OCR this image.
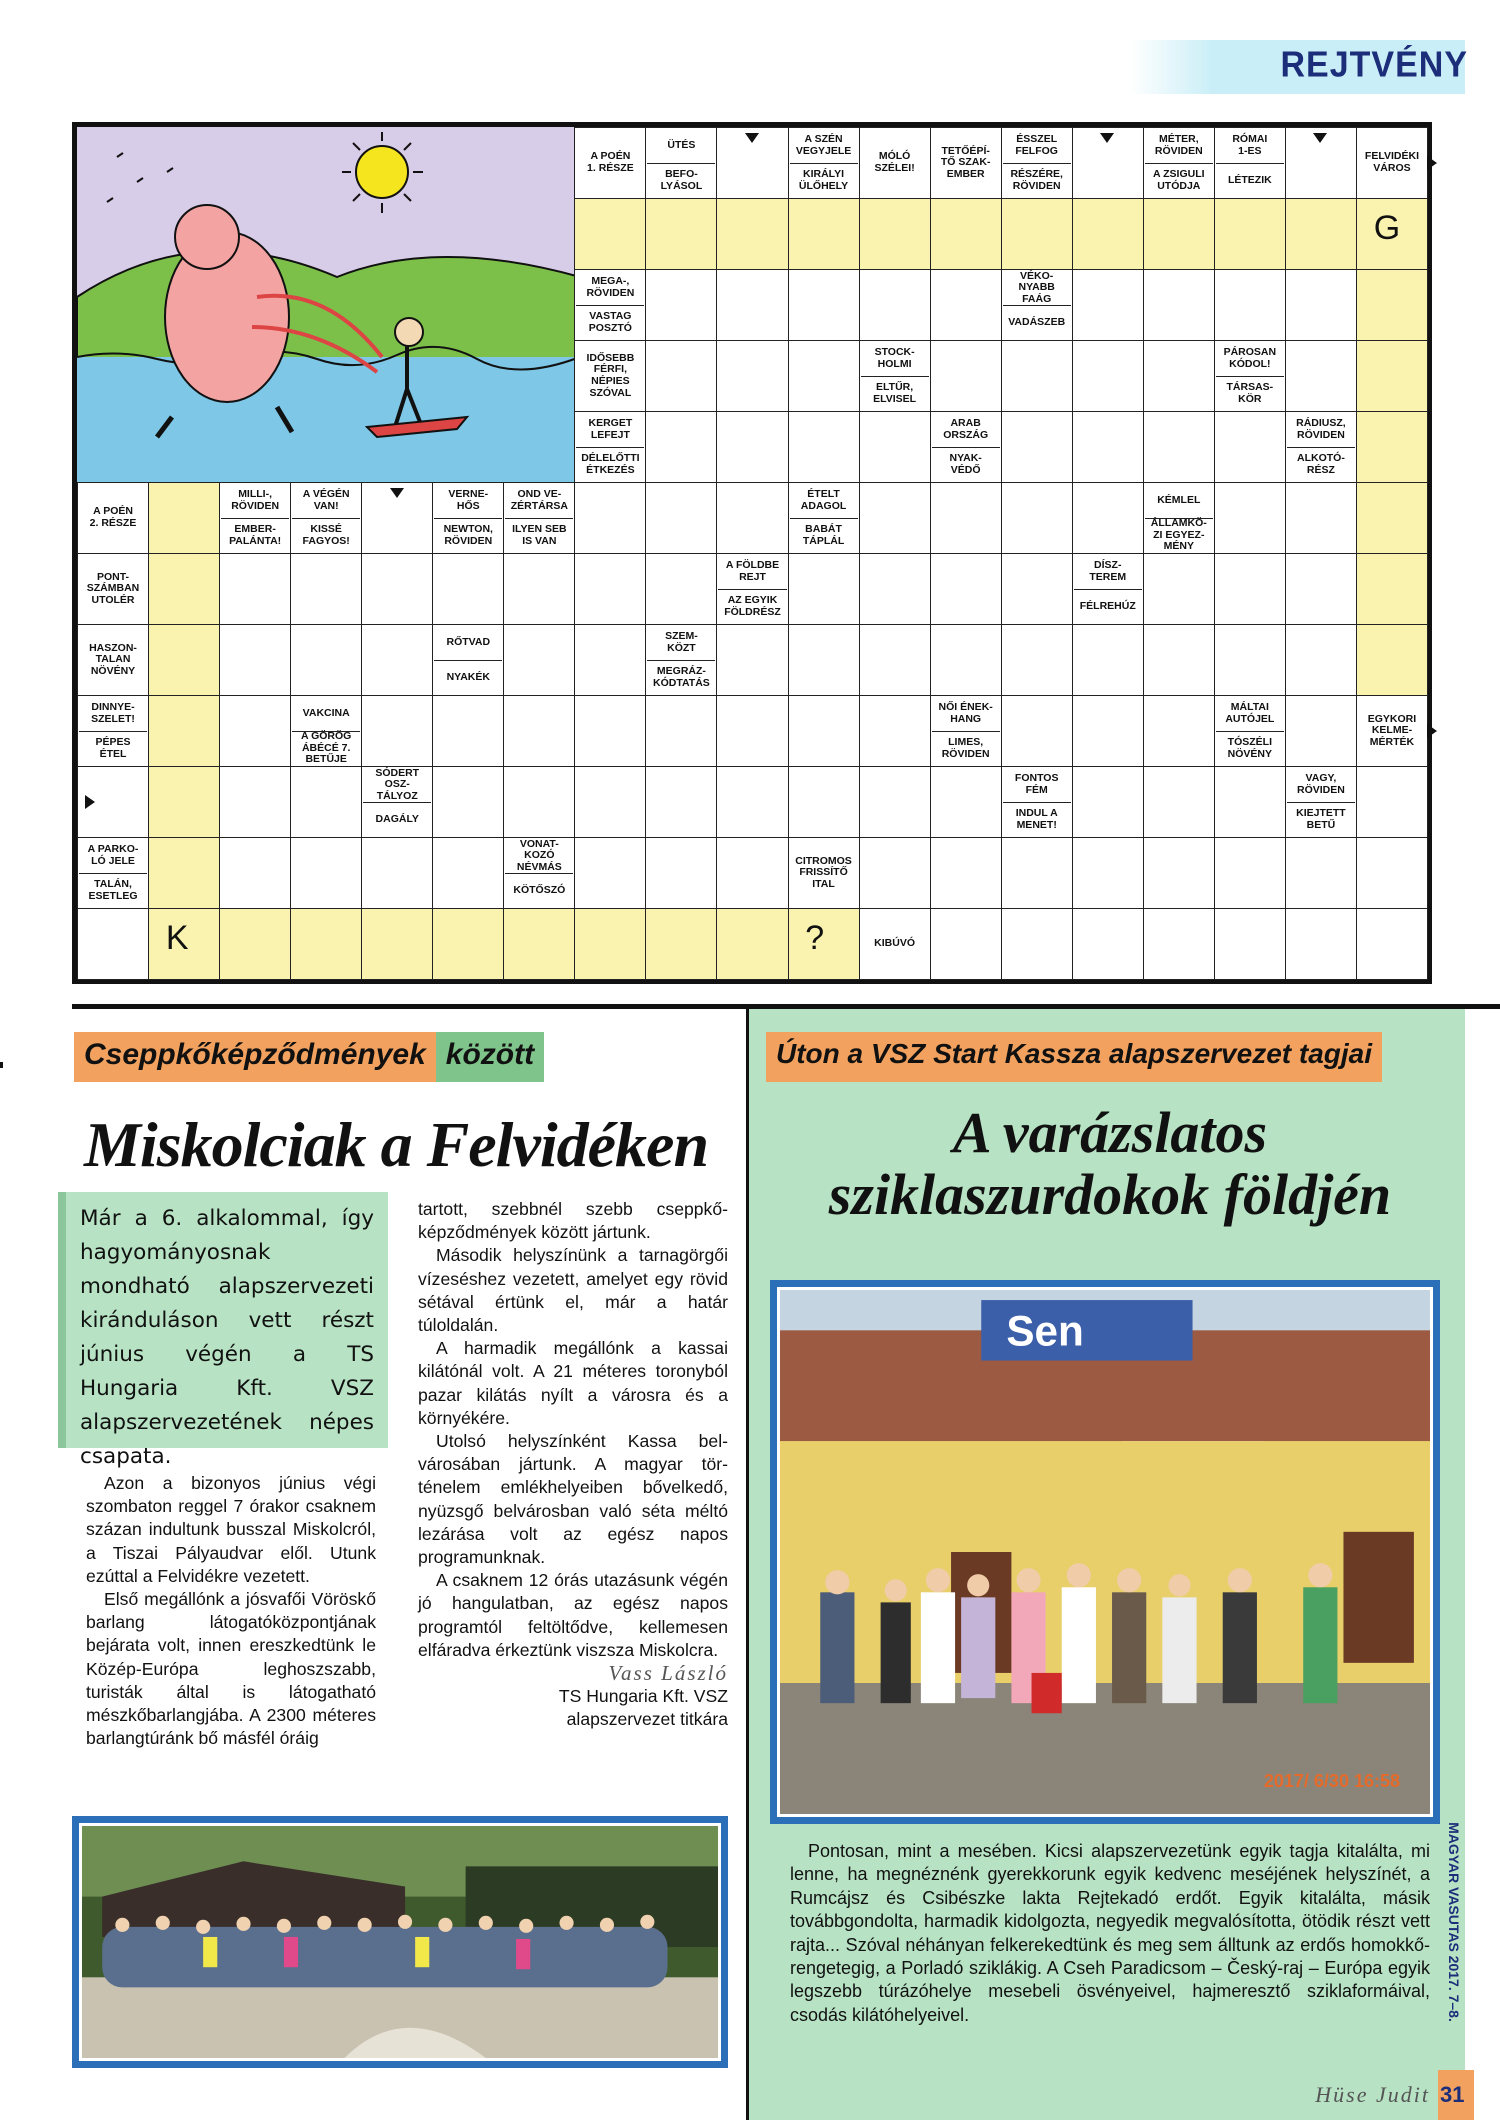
REJTVÉNY
A POÉN
1. RÉSZE
ÜTÉS
BEFO-
LYÁSOL
A SZÉN
VEGYJELE
KIRÁLYI
ÜLŐHELY
MÓLÓ
SZÉLEI!
TETŐÉPÍ-
TŐ SZAK-
EMBER
ÉSSZEL
FELFOG
RÉSZÉRE,
RÖVIDEN
MÉTER,
RÖVIDEN
A ZSIGULI
UTÓDJA
RÓMAI
1-ES
LÉTEZIK
FELVIDÉKI
VÁROS
MEGA-,
RÖVIDEN
VASTAG
POSZTÓ
VÉKO-
NYABB
FAÁG
VADÁSZEB
IDŐSEBB
FÉRFI,
NÉPIES
SZÓVAL
STOCK-
HOLMI
ELTŰR,
ELVISEL
PÁROSAN
KÓDOL!
TÁRSAS-
KÖR
KERGET
LEFEJT
DÉLELŐTTI
ÉTKEZÉS
ARAB
ORSZÁG
NYAK-
VÉDŐ
RÁDIUSZ,
RÖVIDEN
ALKOTÓ-
RÉSZ
A POÉN
2. RÉSZE
MILLI-,
RÖVIDEN
EMBER-
PALÁNTA!
A VÉGÉN
VAN!
KISSÉ
FAGYOS!
VERNE-
HŐS
NEWTON,
RÖVIDEN
OND VE-
ZÉRTÁRSA
ILYEN SEB
IS VAN
ÉTELT
ADAGOL
BABÁT
TÁPLÁL
KÉMLEL
ÁLLAMKÖ-
ZI EGYEZ-
MÉNY
PONT-
SZÁMBAN
UTOLÉR
A FÖLDBE
REJT
AZ EGYIK
FÖLDRÉSZ
DÍSZ-
TEREM
FÉLREHÚZ
HASZON-
TALAN
NÖVÉNY
RŐTVAD
NYAKÉK
SZEM-
KÖZT
MEGRÁZ-
KÓDTATÁS
DINNYE-
SZELET!
PÉPES
ÉTEL
VAKCINA
A GÖRÖG
ÁBÉCÉ 7.
BETŰJE
NŐI ÉNEK-
HANG
LIMES,
RÖVIDEN
MÁLTAI
AUTÓJEL
TÓSZÉLI
NÖVÉNY
EGYKORI
KELME-
MÉRTÉK
SÓDERT
OSZ-
TÁLYOZ
DAGÁLY
FONTOS
FÉM
INDUL A
MENET!
VAGY,
RÖVIDEN
KIEJTETT
BETŰ
A PARKO-
LÓ JELE
TALÁN,
ESETLEG
VONAT-
KOZÓ
NÉVMÁS
KÖTŐSZÓ
CITROMOS
FRISSÍTŐ
ITAL
KIBÚVÓ
G
K	?
Cseppkőképződmények között
Miskolciak a Felvidéken
Már a 6. alkalommal, így hagyományosnak mondható alapszervezeti kiránduláson vett részt június végén a TS Hungaria Kft. VSZ alapszervezetének népes csapata.

Azon a bizonyos június végi szombaton reggel 7 órakor csaknem százan indultunk busszal Miskolcról, a Tiszai Pályaudvar elől. Utunk ezúttal a Felvidékre vezetett.

Első megállónk a jósvafői Vöröskő barlang látogatóközpontjának bejárata volt, innen ereszkedtünk le Közép-Európa leghoszszabb, turisták által is látogatható mészkőbarlangjába. A 2300 méteres barlangtúránk bő másfél óráig

tartott, szebbnél szebb cseppkőképződmények között jártunk.

Második helyszínünk a tarnagörgői vízeséshez vezetett, amelyet egy rövid sétával értünk el, már a határ túloldalán.

A harmadik megállónk a kassai kilátónál volt. A 21 méteres toronyból pazar kilátás nyílt a városra és a környékére.

Utolsó helyszínként Kassa belvárosában jártunk. A magyar történelem emlékhelyeiben bővelkedő, nyüzsgő belvárosban való séta méltó lezárása volt az egész napos programunknak.

A csaknem 12 órás utazásunk végén jó hangulatban, az egész napos programtól feltöltődve, kellemesen elfáradva érkeztünk viszsza Miskolcra.

Vass László
TS Hungaria Kft. VSZ
alapszervezet titkára
Úton a VSZ Start Kassza alapszervezet tagjai
A varázslatos
sziklaszurdokok földjén
Sen
2017/ 6/30 16:58

Pontosan, mint a mesében. Kicsi alapszervezetünk egyik tagja kitalálta, mi lenne, ha megnéznénk gyerekkorunk egyik kedvenc meséjének helyszínét, a Rumcájsz és Csibészke lakta Rejtekadó erdőt. Egyik kitalálta, másik továbbgondolta, harmadik kidolgozta, negyedik megvalósította, ötödik részt vett rajta... Szóval néhányan felkerekedtünk és meg sem álltunk az erdős homokkő-rengetegig, a Porladó sziklákig. A Cseh Paradicsom – Český-raj – Európa egyik legszebb túrázóhelye mesebeli ösvényeivel, hajmeresztő sziklaformáival, csodás kilátóhelyeivel.

Hüse Judit
MAGYAR VASUTAS 2017. 7–8.
31
